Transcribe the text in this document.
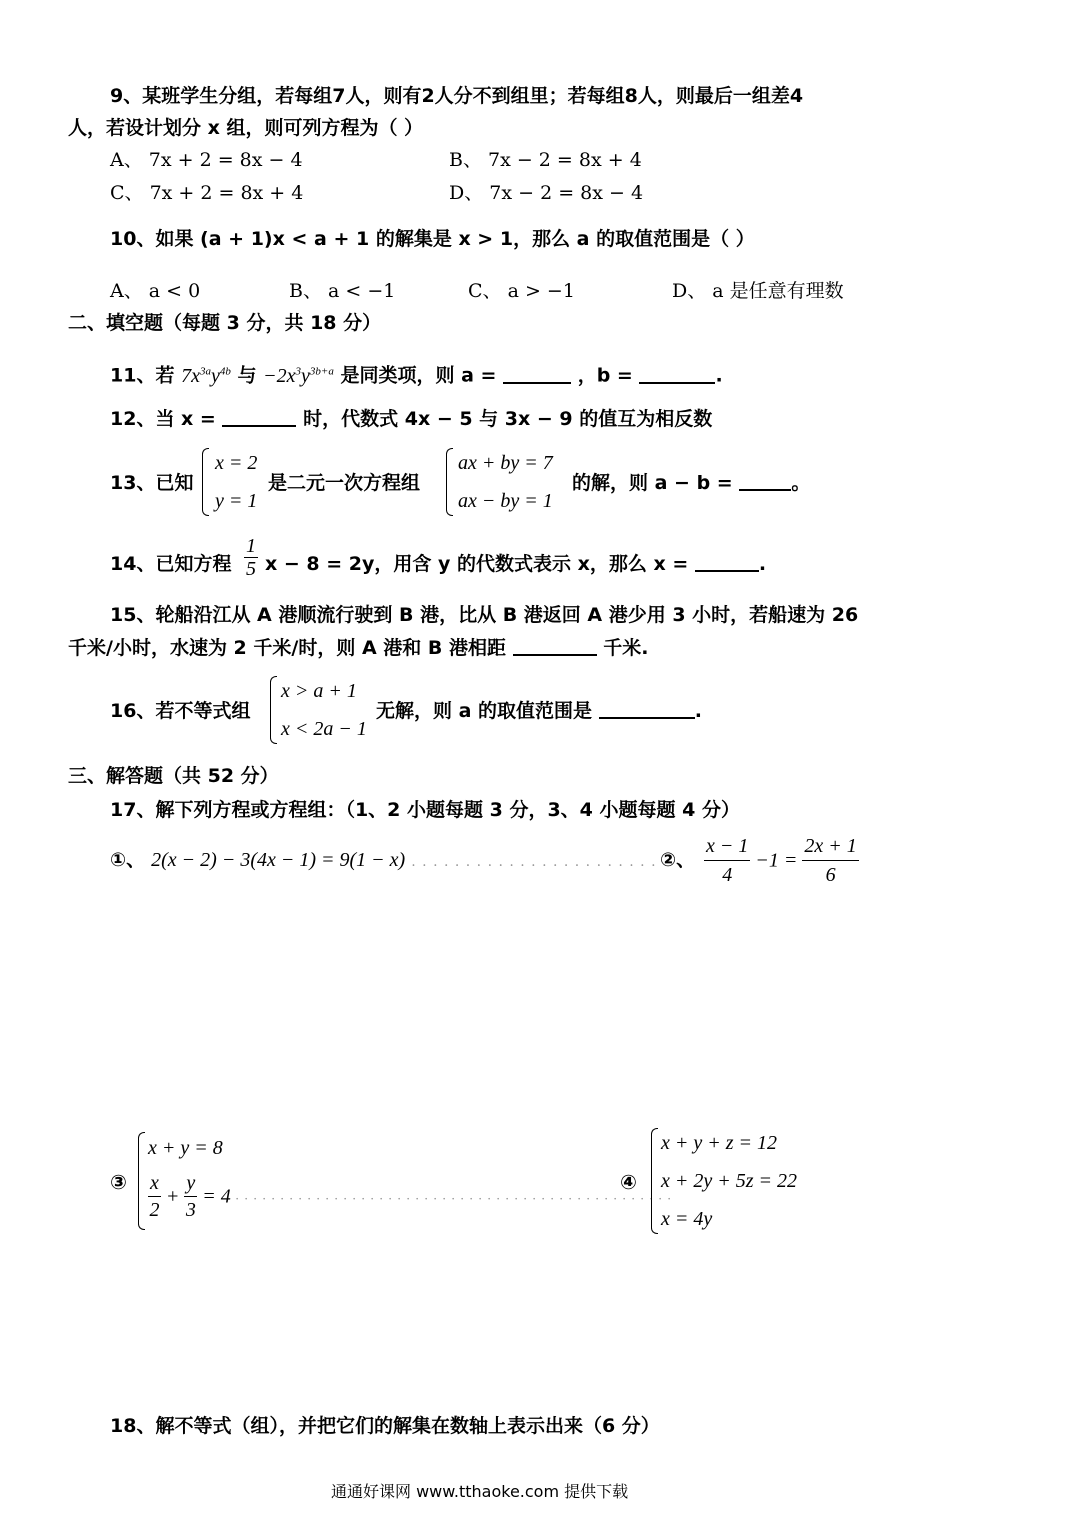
9、某班学生分组，若每组7人，则有2人分不到组里；若每组8人，则最后一组差4
人，若设计划分 x 组，则可列方程为（ ）
A、 7x + 2 = 8x − 4	B、 7x − 2 = 8x + 4
C、 7x + 2 = 8x + 4	D、 7x − 2 = 8x − 4
10、如果 (a + 1)x < a + 1 的解集是 x > 1，那么 a 的取值范围是（ ）
A、 a < 0	B、 a < −1	C、 a > −1	D、 a 是任意有理数
二、填空题（每题 3 分，共 18 分）
11、若 $7x^{3a}y^{4b}$ 与 $-2x^3y^{3b+a}$ 是同类项，则 a =	，b =	.
12、当 x =	时，代数式 4x − 5 与 3x − 9 的值互为相反数
13、已知
x = 2
y = 1
是二元一次方程组
ax + by = 7
ax − by = 1
的解，则 a − b =	。
14、已知方程 $\frac{1}{5}$ x − 8 = 2y，用含 y 的代数式表示 x，那么 x =	.
15、轮船沿江从 A 港顺流行驶到 B 港，比从 B 港返回 A 港少用 3 小时，若船速为 26
千米/小时，水速为 2 千米/时，则 A 港和 B 港相距	千米.
16、若不等式组
x > a + 1
x < 2a − 1
无解，则 a 的取值范围是	.
三、解答题（共 52 分）
17、解下列方程或方程组：（1、2 小题每题 3 分，3、4 小题每题 4 分）
①、 2(x − 2) − 3(4x − 1) = 9(1 − x) . . . . . . . . . . . . . . . . . . . . . . . ②、 $\frac{x - 1}{4} -1 = \frac{2x + 1}{6}$
③
x + y = 8
$\frac{x}{2} + \frac{y}{3} = 4$ . . . . . . . . . . . . . . . . . . . . . . . . . . . . . . . . . . . . . . . . . . . . . . . . .
④
x + y + z = 12
x + 2y + 5z = 22
x = 4y
18、解不等式（组），并把它们的解集在数轴上表示出来（6 分）
通通好课网 www.tthaoke.com 提供下载
